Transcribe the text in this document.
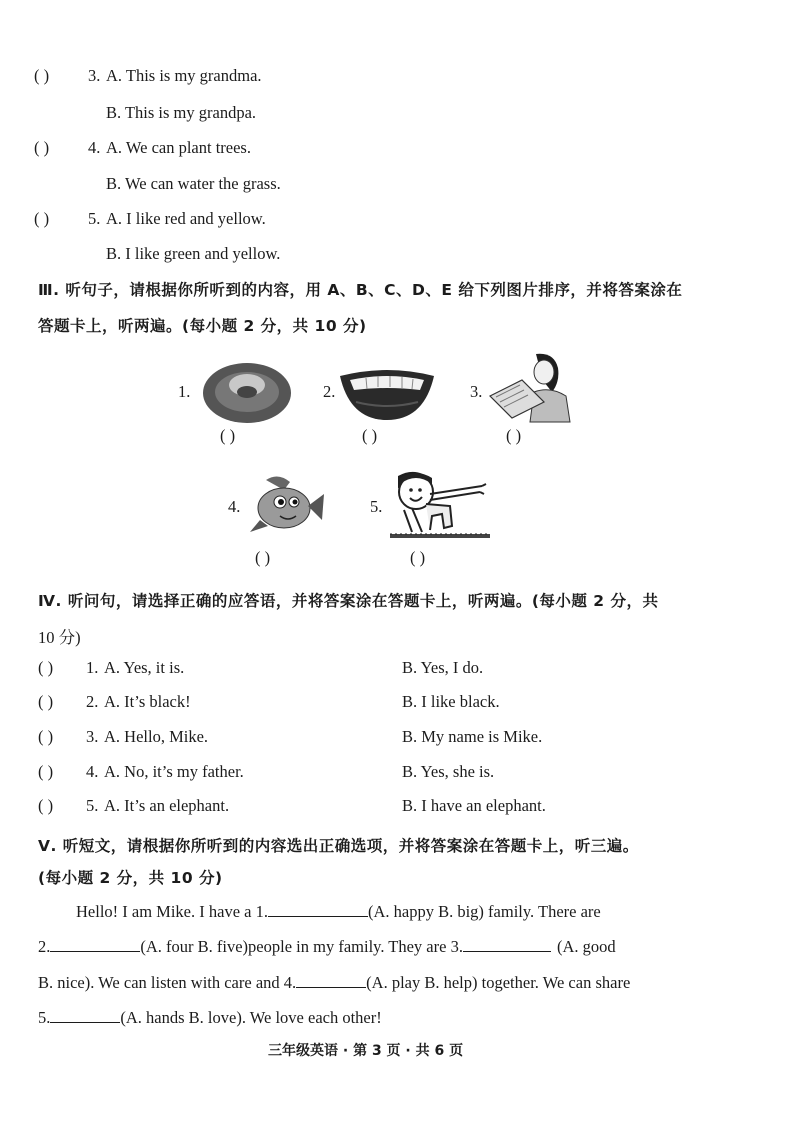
( ) 3. A. This is my grandma.
B. This is my grandpa.
( ) 4. A. We can plant trees.
B. We can water the grass.
( ) 5. A. I like red and yellow.
B. I like green and yellow.
Ⅲ. 听句子，请根据你所听到的内容，用 A、B、C、D、E 给下列图片排序，并将答案涂在
答题卡上，听两遍。(每小题 2 分，共 10 分)
1.
( )
2.
( )
3.
( )
4.
( )
5.
( )
Ⅳ. 听问句，请选择正确的应答语，并将答案涂在答题卡上，听两遍。(每小题 2 分，共
10 分)
( ) 1. A. Yes, it is.	B. Yes, I do.
( ) 2. A. It’s black!	B. I like black.
( ) 3. A. Hello, Mike.	B. My name is Mike.
( ) 4. A. No, it’s my father.	B. Yes, she is.
( ) 5. A. It’s an elephant.	B. I have an elephant.
Ⅴ. 听短文，请根据你所听到的内容选出正确选项，并将答案涂在答题卡上，听三遍。
(每小题 2 分，共 10 分)
Hello! I am Mike. I have a 1.	(A. happy B. big) family. There are
2.	(A. four B. five)people in my family. They are 3.	(A. good
B. nice). We can listen with care and 4.	(A. play B. help) together. We can share
5.	(A. hands B. love). We love each other!
三年级英语 · 第 3 页 · 共 6 页
